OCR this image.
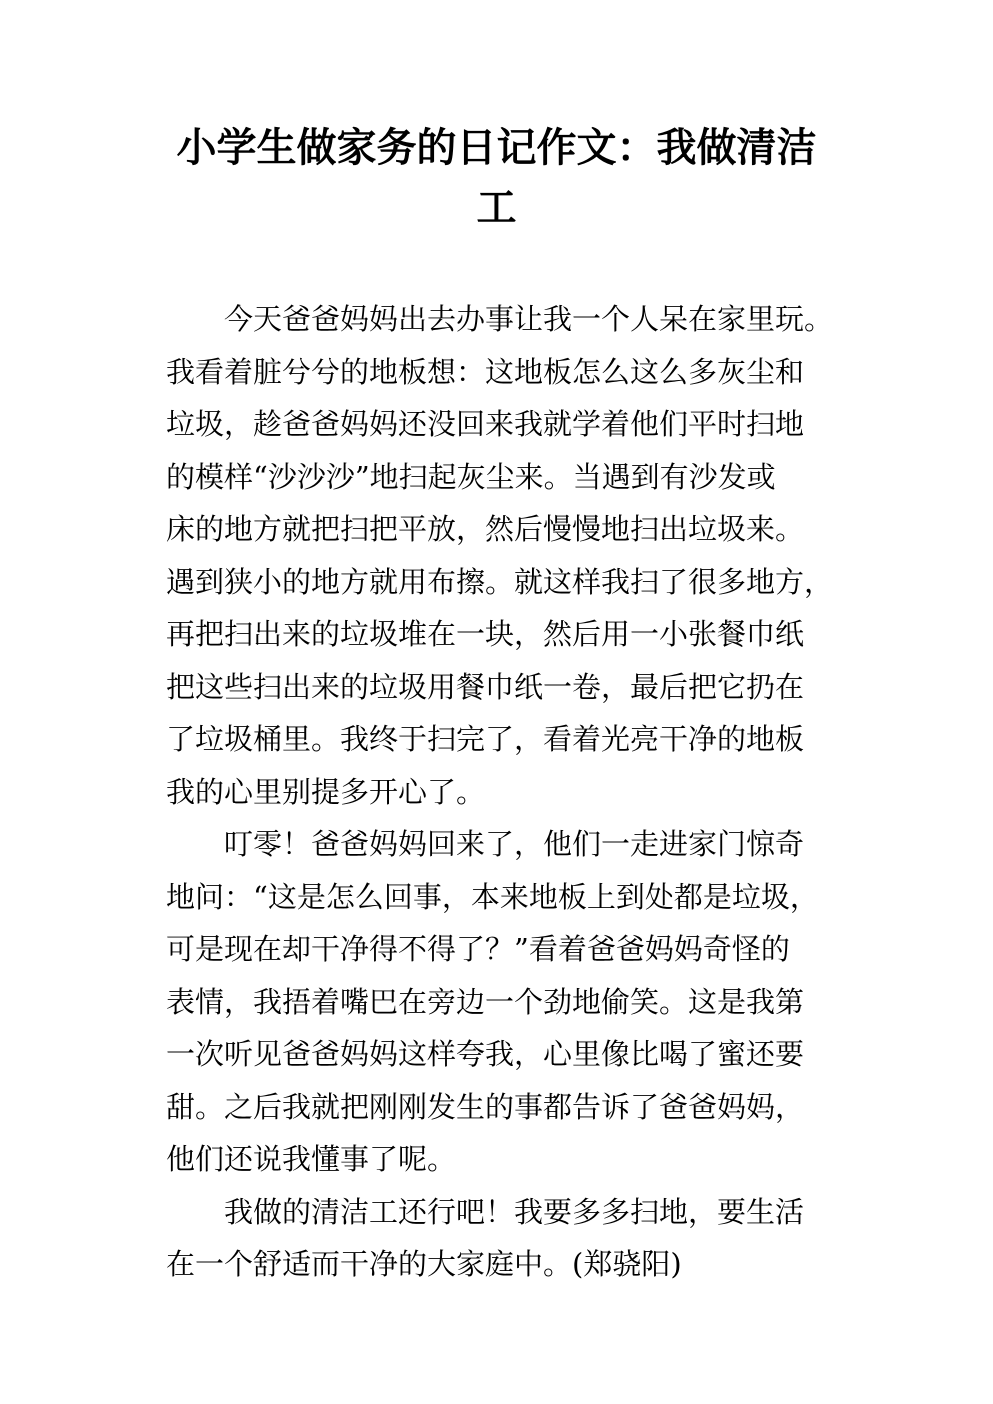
小学生做家务的日记作文：我做清洁
工
今天爸爸妈妈出去办事让我一个人呆在家里玩。
我看着脏兮兮的地板想：这地板怎么这么多灰尘和
垃圾，趁爸爸妈妈还没回来我就学着他们平时扫地
的模样“沙沙沙”地扫起灰尘来。当遇到有沙发或
床的地方就把扫把平放，然后慢慢地扫出垃圾来。
遇到狭小的地方就用布擦。就这样我扫了很多地方，
再把扫出来的垃圾堆在一块，然后用一小张餐巾纸
把这些扫出来的垃圾用餐巾纸一卷，最后把它扔在
了垃圾桶里。我终于扫完了，看着光亮干净的地板
我的心里别提多开心了。
叮零！爸爸妈妈回来了，他们一走进家门惊奇
地问：“这是怎么回事，本来地板上到处都是垃圾，
可是现在却干净得不得了？”看着爸爸妈妈奇怪的
表情，我捂着嘴巴在旁边一个劲地偷笑。这是我第
一次听见爸爸妈妈这样夸我，心里像比喝了蜜还要
甜。之后我就把刚刚发生的事都告诉了爸爸妈妈，
他们还说我懂事了呢。
我做的清洁工还行吧！我要多多扫地，要生活
在一个舒适而干净的大家庭中。(郑骁阳)
